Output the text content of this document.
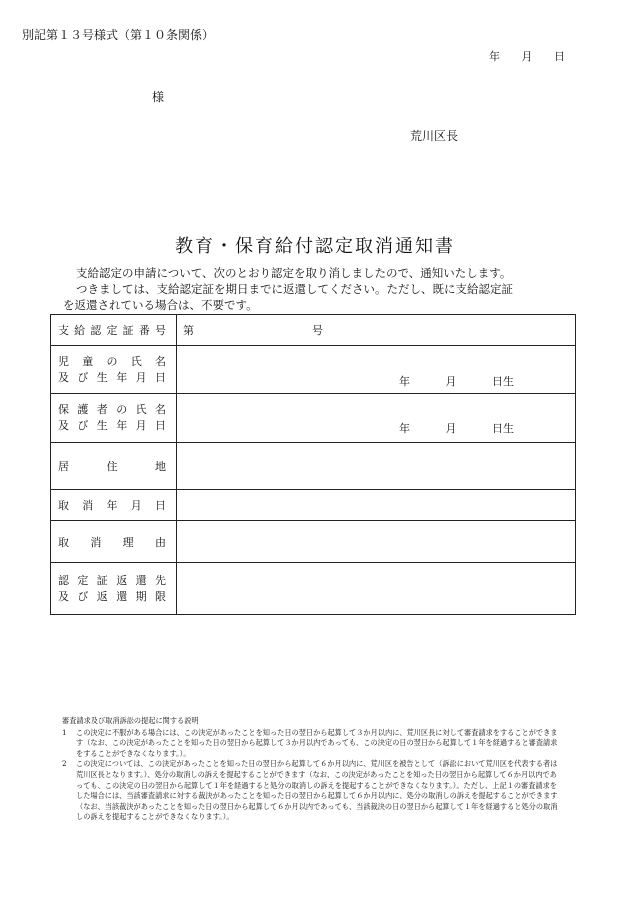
別記第１３号様式（第１０条関係）
年 月 日
様
荒川区長
教育・保育給付認定取消通知書
支給認定の申請について、次のとおり認定を取り消しましたので、通知いたします。
つきましては、支給認定証を期日までに返還してください。ただし、既に支給認定証
を返還されている場合は、不要です。
支給認定証番号	第 号

児童の氏名
及び生年月日	年 月 日生

保護者の氏名
及び生年月日	年 月 日生

居住地	

取消年月日	

取消理由	

認定証返還先
及び返還期限	

審査請求及び取消訴訟の提起に関する説明
1	この決定に不服がある場合には、この決定があったことを知った日の翌日から起算して３か月以内に、荒川区長に対して審査請求をすることができます（なお、この決定があったことを知った日の翌日から起算して３か月以内であっても、この決定の日の翌日から起算して１年を経過すると審査請求をすることができなくなります。）。
2	この決定については、この決定があったことを知った日の翌日から起算して６か月以内に、荒川区を被告として（訴訟において荒川区を代表する者は荒川区長となります。）、処分の取消しの訴えを提起することができます（なお、この決定があったことを知った日の翌日から起算して６か月以内であっても、この決定の日の翌日から起算して１年を経過すると処分の取消しの訴えを提起することができなくなります。）。ただし、上記１の審査請求をした場合には、当該審査請求に対する裁決があったことを知った日の翌日から起算して６か月以内に、処分の取消しの訴えを提起することができます（なお、当該裁決があったことを知った日の翌日から起算して６か月以内であっても、当該裁決の日の翌日から起算して１年を経過すると処分の取消しの訴えを提起することができなくなります。）。
